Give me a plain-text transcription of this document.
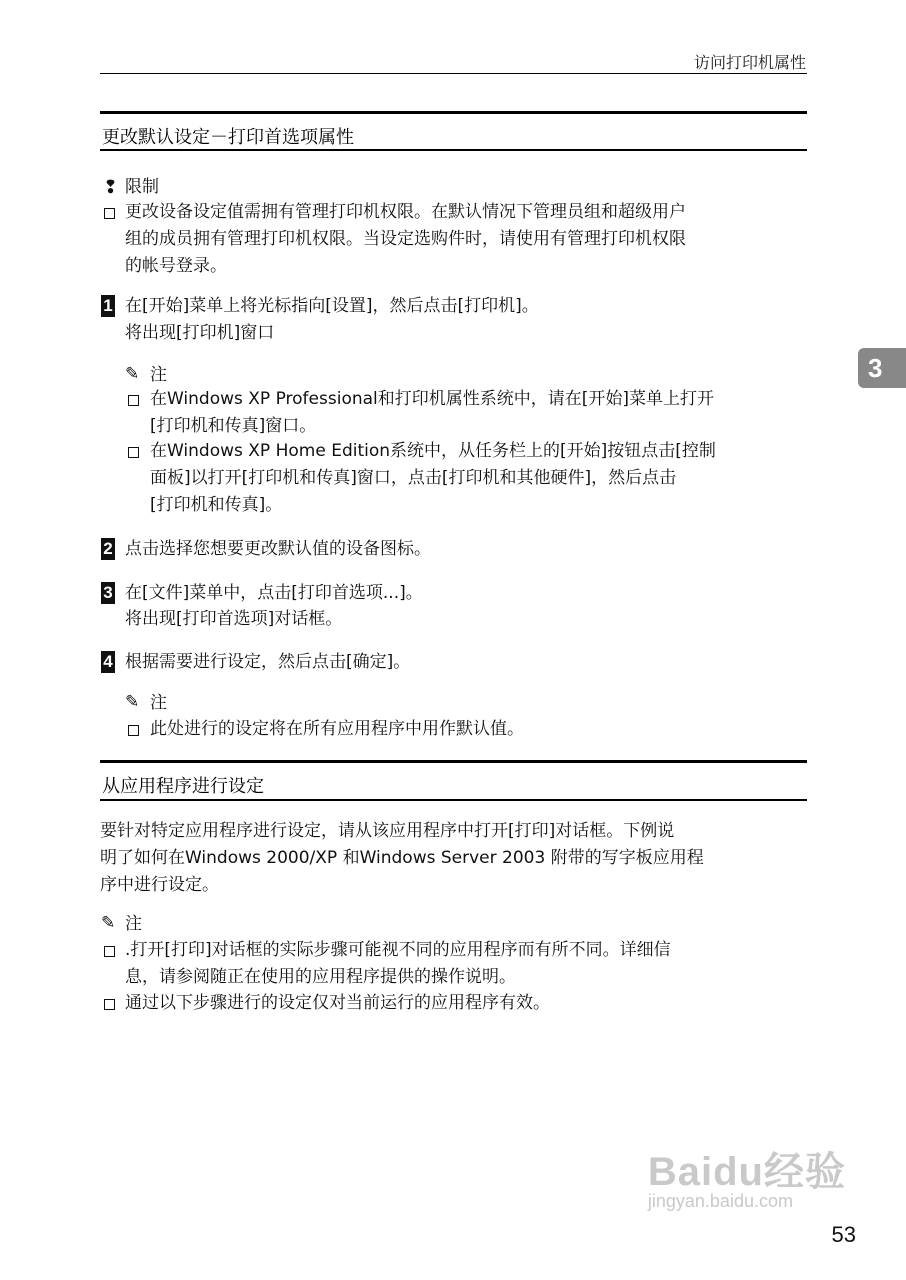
访问打印机属性
更改默认设定－打印首选项属性
❢ 限制
更改设备设定值需拥有管理打印机权限。在默认情况下管理员组和超级用户
组的成员拥有管理打印机权限。当设定选购件时，请使用有管理打印机权限
的帐号登录。
1 在[开始]菜单上将光标指向[设置]，然后点击[打印机]。
将出现[打印机]窗口
✎ 注
在Windows XP Professional和打印机属性系统中，请在[开始]菜单上打开
[打印机和传真]窗口。
在Windows XP Home Edition系统中，从任务栏上的[开始]按钮点击[控制
面板]以打开[打印机和传真]窗口，点击[打印机和其他硬件]，然后点击
[打印机和传真]。
2 点击选择您想要更改默认值的设备图标。
3 在[文件]菜单中，点击[打印首选项...]。
将出现[打印首选项]对话框。
4 根据需要进行设定，然后点击[确定]。
✎ 注
此处进行的设定将在所有应用程序中用作默认值。
从应用程序进行设定
要针对特定应用程序进行设定，请从该应用程序中打开[打印]对话框。下例说
明了如何在Windows 2000/XP 和Windows Server 2003 附带的写字板应用程
序中进行设定。
✎ 注
.打开[打印]对话框的实际步骤可能视不同的应用程序而有所不同。详细信
息，请参阅随正在使用的应用程序提供的操作说明。
通过以下步骤进行的设定仅对当前运行的应用程序有效。
3
Baidu经验
jingyan.baidu.com
53
